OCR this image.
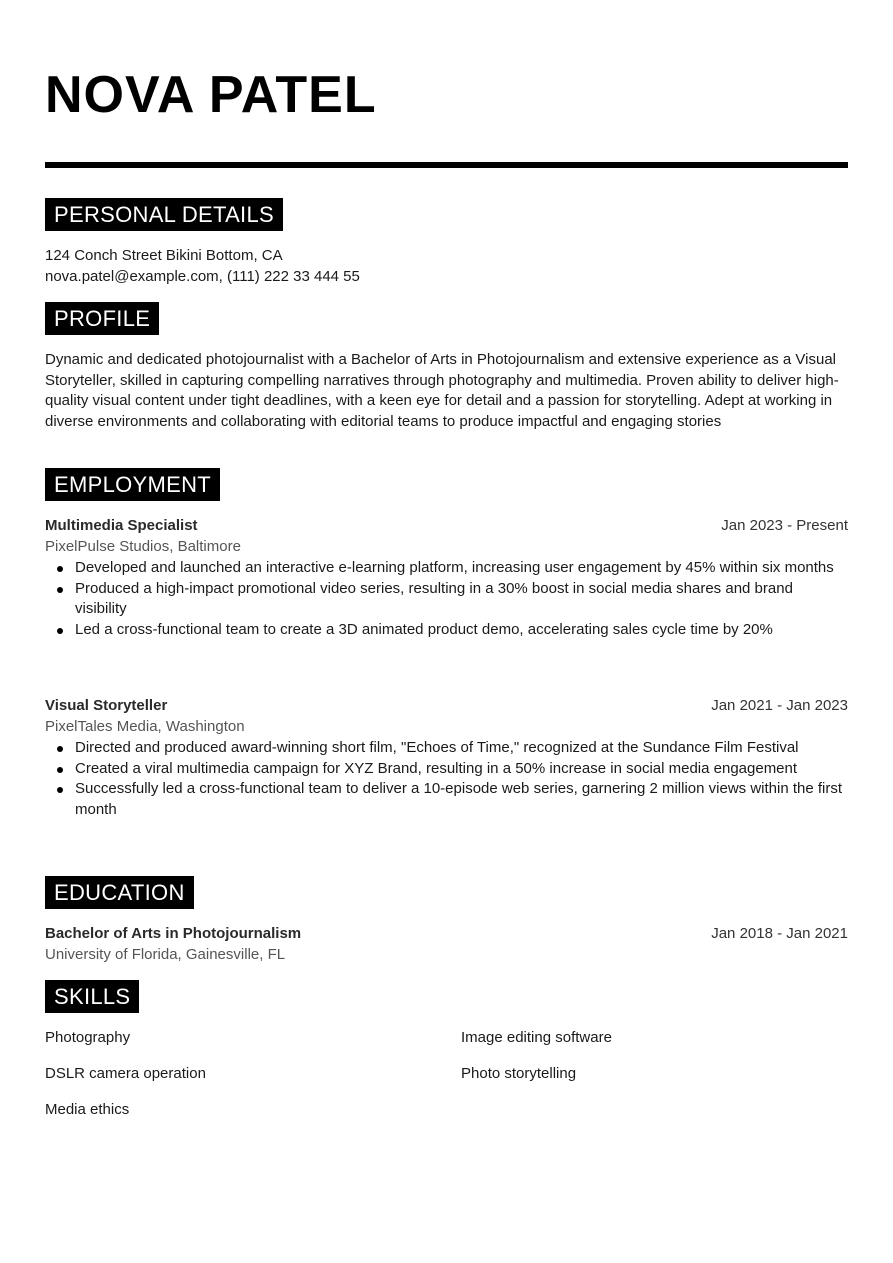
NOVA PATEL
PERSONAL DETAILS
124 Conch Street Bikini Bottom, CA
nova.patel@example.com, (111) 222 33 444 55
PROFILE
Dynamic and dedicated photojournalist with a Bachelor of Arts in Photojournalism and extensive experience as a Visual Storyteller, skilled in capturing compelling narratives through photography and multimedia. Proven ability to deliver high-quality visual content under tight deadlines, with a keen eye for detail and a passion for storytelling. Adept at working in diverse environments and collaborating with editorial teams to produce impactful and engaging stories
EMPLOYMENT
Multimedia Specialist	Jan 2023 - Present
PixelPulse Studios, Baltimore
Developed and launched an interactive e-learning platform, increasing user engagement by 45% within six months
Produced a high-impact promotional video series, resulting in a 30% boost in social media shares and brand visibility
Led a cross-functional team to create a 3D animated product demo, accelerating sales cycle time by 20%
Visual Storyteller	Jan 2021 - Jan 2023
PixelTales Media, Washington
Directed and produced award-winning short film, "Echoes of Time," recognized at the Sundance Film Festival
Created a viral multimedia campaign for XYZ Brand, resulting in a 50% increase in social media engagement
Successfully led a cross-functional team to deliver a 10-episode web series, garnering 2 million views within the first month
EDUCATION
Bachelor of Arts in Photojournalism	Jan 2018 - Jan 2021
University of Florida, Gainesville, FL
SKILLS
Photography	Image editing software
DSLR camera operation	Photo storytelling
Media ethics
